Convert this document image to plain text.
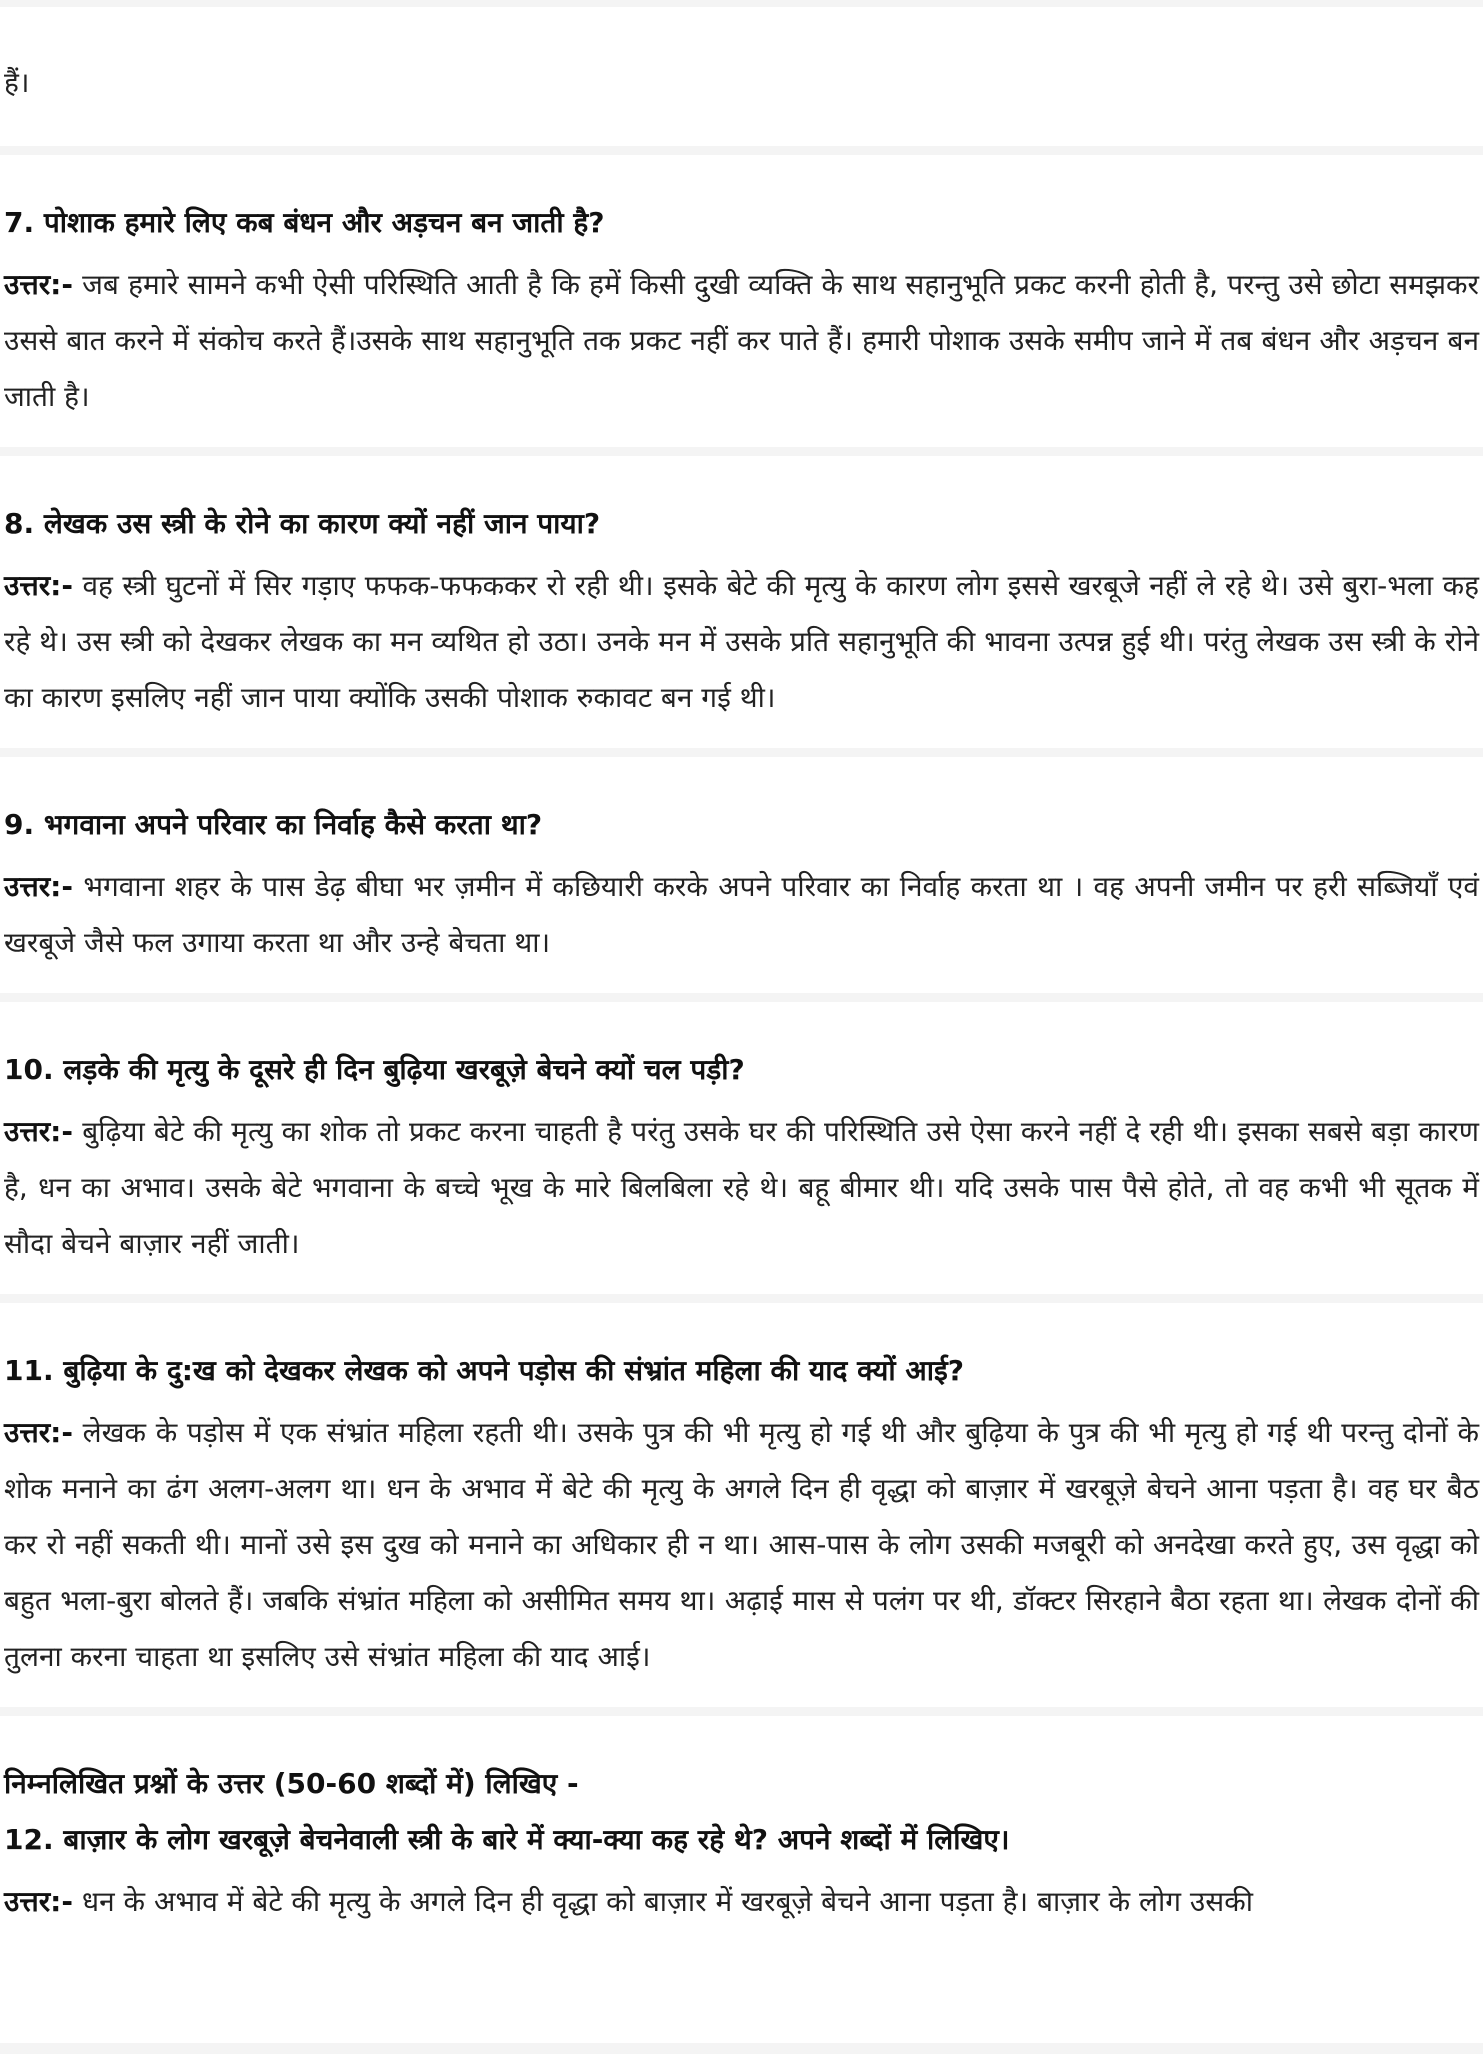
हैं।

7. पोशाक हमारे लिए कब बंधन और अड़चन बन जाती है?

उत्तर:- जब हमारे सामने कभी ऐसी परिस्थिति आती है कि हमें किसी दुखी व्यक्ति के साथ सहानुभूति प्रकट करनी होती है, परन्तु उसे छोटा समझकर उससे बात करने में संकोच करते हैं।उसके साथ सहानुभूति तक प्रकट नहीं कर पाते हैं। हमारी पोशाक उसके समीप जाने में तब बंधन और अड़चन बन जाती है।

8. लेखक उस स्त्री के रोने का कारण क्यों नहीं जान पाया?

उत्तर:- वह स्त्री घुटनों में सिर गड़ाए फफक-फफककर रो रही थी। इसके बेटे की मृत्यु के कारण लोग इससे खरबूजे नहीं ले रहे थे। उसे बुरा-भला कह रहे थे। उस स्त्री को देखकर लेखक का मन व्यथित हो उठा। उनके मन में उसके प्रति सहानुभूति की भावना उत्पन्न हुई थी। परंतु लेखक उस स्त्री के रोने का कारण इसलिए नहीं जान पाया क्योंकि उसकी पोशाक रुकावट बन गई थी।

9. भगवाना अपने परिवार का निर्वाह कैसे करता था?

उत्तर:- भगवाना शहर के पास डेढ़ बीघा भर ज़मीन में कछियारी करके अपने परिवार का निर्वाह करता था । वह अपनी जमीन पर हरी सब्जियॉं एवं खरबूजे जैसे फल उगाया करता था और उन्हे बेचता था।

10. लड़के की मृत्यु के दूसरे ही दिन बुढ़िया खरबूज़े बेचने क्यों चल पड़ी?

उत्तर:- बुढ़िया बेटे की मृत्यु का शोक तो प्रकट करना चाहती है परंतु उसके घर की परिस्थिति उसे ऐसा करने नहीं दे रही थी। इसका सबसे बड़ा कारण है, धन का अभाव। उसके बेटे भगवाना के बच्चे भूख के मारे बिलबिला रहे थे। बहू बीमार थी। यदि उसके पास पैसे होते, तो वह कभी भी सूतक में सौदा बेचने बाज़ार नहीं जाती।

11. बुढ़िया के दु:ख को देखकर लेखक को अपने पड़ोस की संभ्रांत महिला की याद क्यों आई?

उत्तर:- लेखक के पड़ोस में एक संभ्रांत महिला रहती थी। उसके पुत्र की भी मृत्यु हो गई थी और बुढ़िया के पुत्र की भी मृत्यु हो गई थी परन्तु दोनों के शोक मनाने का ढंग अलग-अलग था। धन के अभाव में बेटे की मृत्यु के अगले दिन ही वृद्धा को बाज़ार में खरबूज़े बेचने आना पड़ता है। वह घर बैठ कर रो नहीं सकती थी। मानों उसे इस दुख को मनाने का अधिकार ही न था। आस-पास के लोग उसकी मजबूरी को अनदेखा करते हुए, उस वृद्धा को बहुत भला-बुरा बोलते हैं। जबकि संभ्रांत महिला को असीमित समय था। अढ़ाई मास से पलंग पर थी, डॉक्टर सिरहाने बैठा रहता था। लेखक दोनों की तुलना करना चाहता था इसलिए उसे संभ्रांत महिला की याद आई।

निम्नलिखित प्रश्नों के उत्तर (50-60 शब्दों में) लिखिए -
12. बाज़ार के लोग खरबूज़े बेचनेवाली स्त्री के बारे में क्या-क्या कह रहे थे? अपने शब्दों में लिखिए।

उत्तर:- धन के अभाव में बेटे की मृत्यु के अगले दिन ही वृद्धा को बाज़ार में खरबूज़े बेचने आना पड़ता है। बाज़ार के लोग उसकी
